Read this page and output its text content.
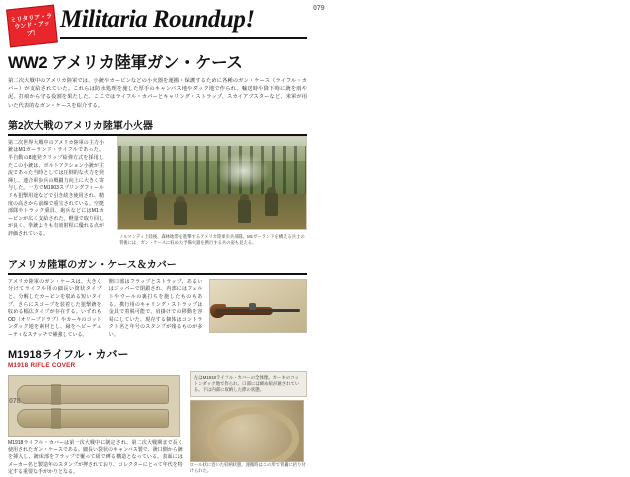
ミリタリア・ラウンド・アップ！
Militaria Roundup!
WW2 アメリカ陸軍ガン・ケース
第二次大戦中のアメリカ陸軍では、小銃やカービンなどの小火器を運搬・保護するために各種のガン・ケース（ライフル・カバー）が支給されていた。これらは防水処理を施した厚手のキャンバス地やダック地で作られ、輸送時や降下時に銃を雨や泥、打痕から守る役割を果たした。ここではライフル・カバーとキャリング・ストラップ、スカイアブスターなど、米軍が用いた代表的なガン・ケースを紹介する。
第2次大戦のアメリカ陸軍小火器
ノルマンディ上陸後、森林地帯を進撃するアメリカ陸軍歩兵部隊。M1ガーランドを構える兵士の背後には、ガン・ケースに収めた予備火器を携行する兵の姿も見える。
第二次世界大戦中のアメリカ陸軍の主力小銃はM1ガーランド・ライフルであった。半自動の8連発クリップ給弾方式を採用したこの小銃は、ボルトアクション小銃が主流であった当時としては圧倒的な火力を発揮し、連合軍歩兵の戦闘力向上に大きく寄与した。一方でM1903スプリングフィールドも狙撃用途などで引き続き使用され、精度の高さから前線で重宝されている。空挺部隊やトラック乗員、砲兵などにはM1カービンが広く支給された。軽量で取り回しが良く、拳銃よりも有効射程に優れる点が評価されている。
アメリカ陸軍のガン・ケース＆カバー
アメリカ陸軍のガン・ケースは、大きく分けてライフル用の細長い筒状タイプと、分解したカービンを収める短いタイプ、さらにスコープを装着した狙撃銃を収める幅広タイプが存在する。いずれもOD（オリーブドラブ）やカーキのコットンダック地を素材とし、縁をヘビーデューティなステッチで補強している。
開口部はフラップとストラップ、あるいはジッパーで閉鎖され、内部にはフェルトやウールの裏打ちを施したものもある。携行用のキャリング・ストラップは金具で着脱可能で、肩掛けでの移動を容易にしていた。現存する個体はコントラクト名と年号のスタンプが残るものが多い。
M1918ライフル・カバー
M1918 RIFLE COVER
M1918ライフル・カバーは第一次大戦中に制定され、第二次大戦期まで長く使用されたガン・ケースである。細長い袋状のキャンバス製で、銃口側から銃を挿入し、銃床部をフラップで覆って紐で縛る構造となっている。表面にはメーカー名と製造年のスタンプが押されており、コレクターにとって年代を特定する重要な手がかりとなる。
左はM1918ライフル・カバーの全体像。カーキのコットンダック地で作られ、口部には締め紐が通されている。下は内部に収納した際の状態。
ロール状に巻いた収納状態。運搬時はこの形で背嚢に括り付けられた。
078
079
